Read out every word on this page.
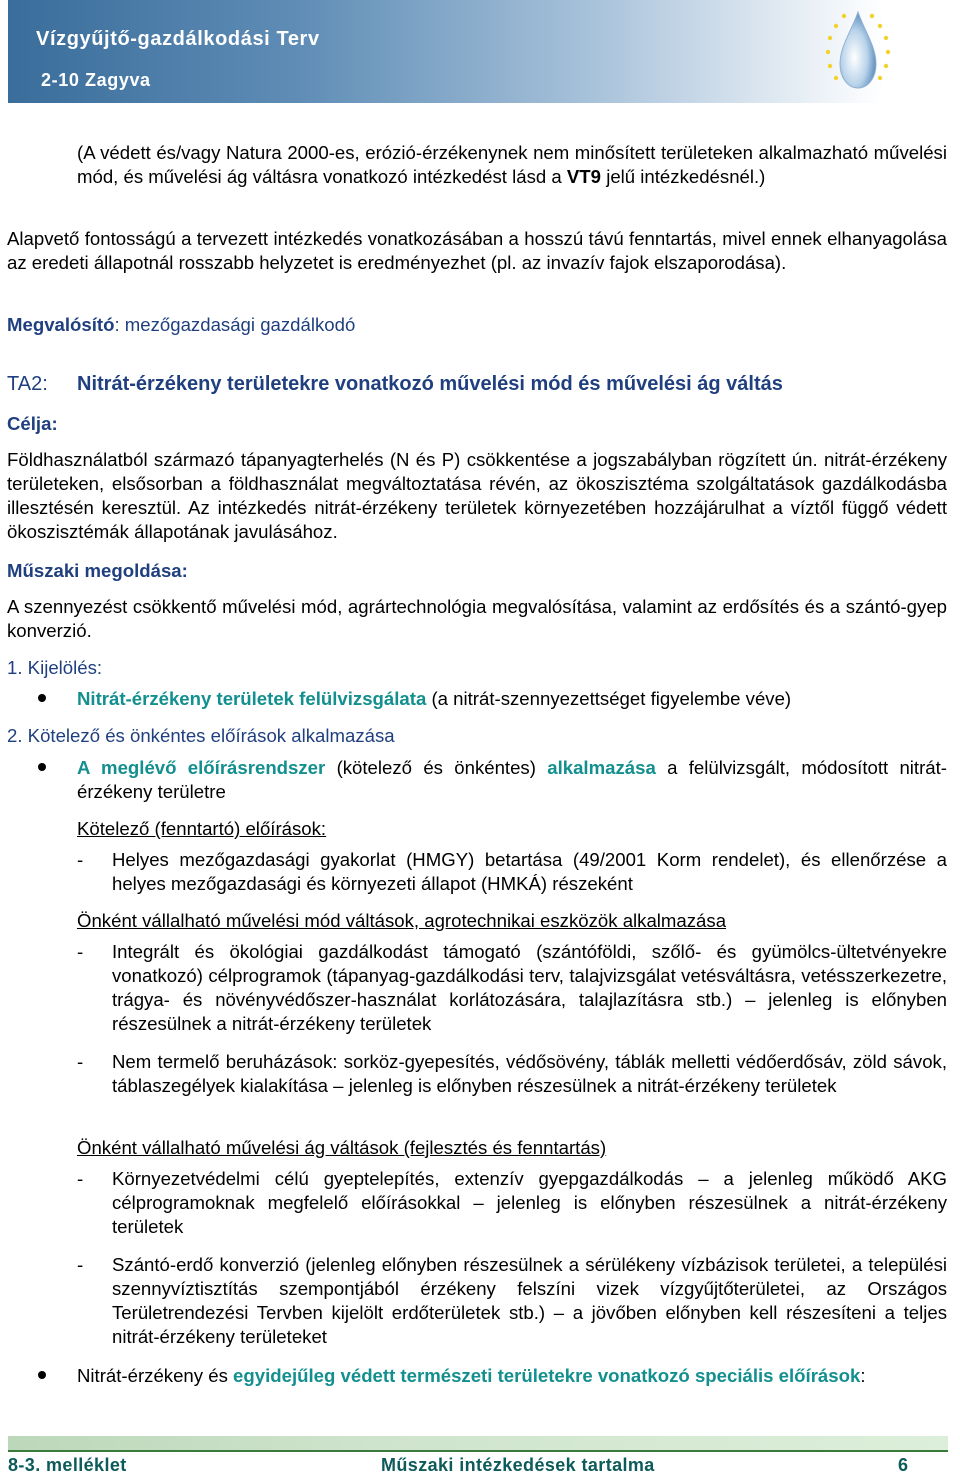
Vízgyűjtő-gazdálkodási Terv
2-10 Zagyva

(A védett és/vagy Natura 2000-es, erózió-érzékenynek nem minősített területeken alkalmazható művelési mód, és művelési ág váltásra vonatkozó intézkedést lásd a VT9 jelű intézkedésnél.)

Alapvető fontosságú a tervezett intézkedés vonatkozásában a hosszú távú fenntartás, mivel ennek elhanyagolása az eredeti állapotnál rosszabb helyzetet is eredményezhet (pl. az invazív fajok elszaporodása).

Megvalósító: mezőgazdasági gazdálkodó

TA2: Nitrát-érzékeny területekre vonatkozó művelési mód és művelési ág váltás
Célja:

Földhasználatból származó tápanyagterhelés (N és P) csökkentése a jogszabályban rögzített ún. nitrát-érzékeny területeken, elsősorban a földhasználat megváltoztatása révén, az ökoszisztéma szolgáltatások gazdálkodásba illesztésén keresztül. Az intézkedés nitrát-érzékeny területek környezetében hozzájárulhat a víztől függő védett ökoszisztémák állapotának javulásához.

Műszaki megoldása:

A szennyezést csökkentő művelési mód, agrártechnológia megvalósítása, valamint az erdősítés és a szántó-gyep konverzió.

1. Kijelölés:

Nitrát-érzékeny területek felülvizsgálata (a nitrát-szennyezettséget figyelembe véve)

2. Kötelező és önkéntes előírások alkalmazása

A meglévő előírásrendszer (kötelező és önkéntes) alkalmazása a felülvizsgált, módosított nitrát-érzékeny területre

Kötelező (fenntartó) előírások:
- Helyes mezőgazdasági gyakorlat (HMGY) betartása (49/2001 Korm rendelet), és ellenőrzése a helyes mezőgazdasági és környezeti állapot (HMKÁ) részeként

Önként vállalható művelési mód váltások, agrotechnikai eszközök alkalmazása
- Integrált és ökológiai gazdálkodást támogató (szántóföldi, szőlő- és gyümölcs-ültetvényekre vonatkozó) célprogramok (tápanyag-gazdálkodási terv, talajvizsgálat vetésváltásra, vetésszerkezetre, trágya- és növényvédőszer-használat korlátozására, talajlazításra stb.) – jelenleg is előnyben részesülnek a nitrát-érzékeny területek

- Nem termelő beruházások: sorköz-gyepesítés, védősövény, táblák melletti védőerdősáv, zöld sávok, táblaszegélyek kialakítása – jelenleg is előnyben részesülnek a nitrát-érzékeny területek

Önként vállalható művelési ág váltások (fejlesztés és fenntartás)
- Környezetvédelmi célú gyeptelepítés, extenzív gyepgazdálkodás – a jelenleg működő AKG célprogramoknak megfelelő előírásokkal – jelenleg is előnyben részesülnek a nitrát-érzékeny területek

- Szántó-erdő konverzió (jelenleg előnyben részesülnek a sérülékeny vízbázisok területei, a települési szennyvíztisztítás szempontjából érzékeny felszíni vizek vízgyűjtőterületei, az Országos Területrendezési Tervben kijelölt erdőterületek stb.) – a jövőben előnyben kell részesíteni a teljes nitrát-érzékeny területeket

Nitrát-érzékeny és egyidejűleg védett természeti területekre vonatkozó speciális előírások:

8-3. melléklet	Műszaki intézkedések tartalma	6
